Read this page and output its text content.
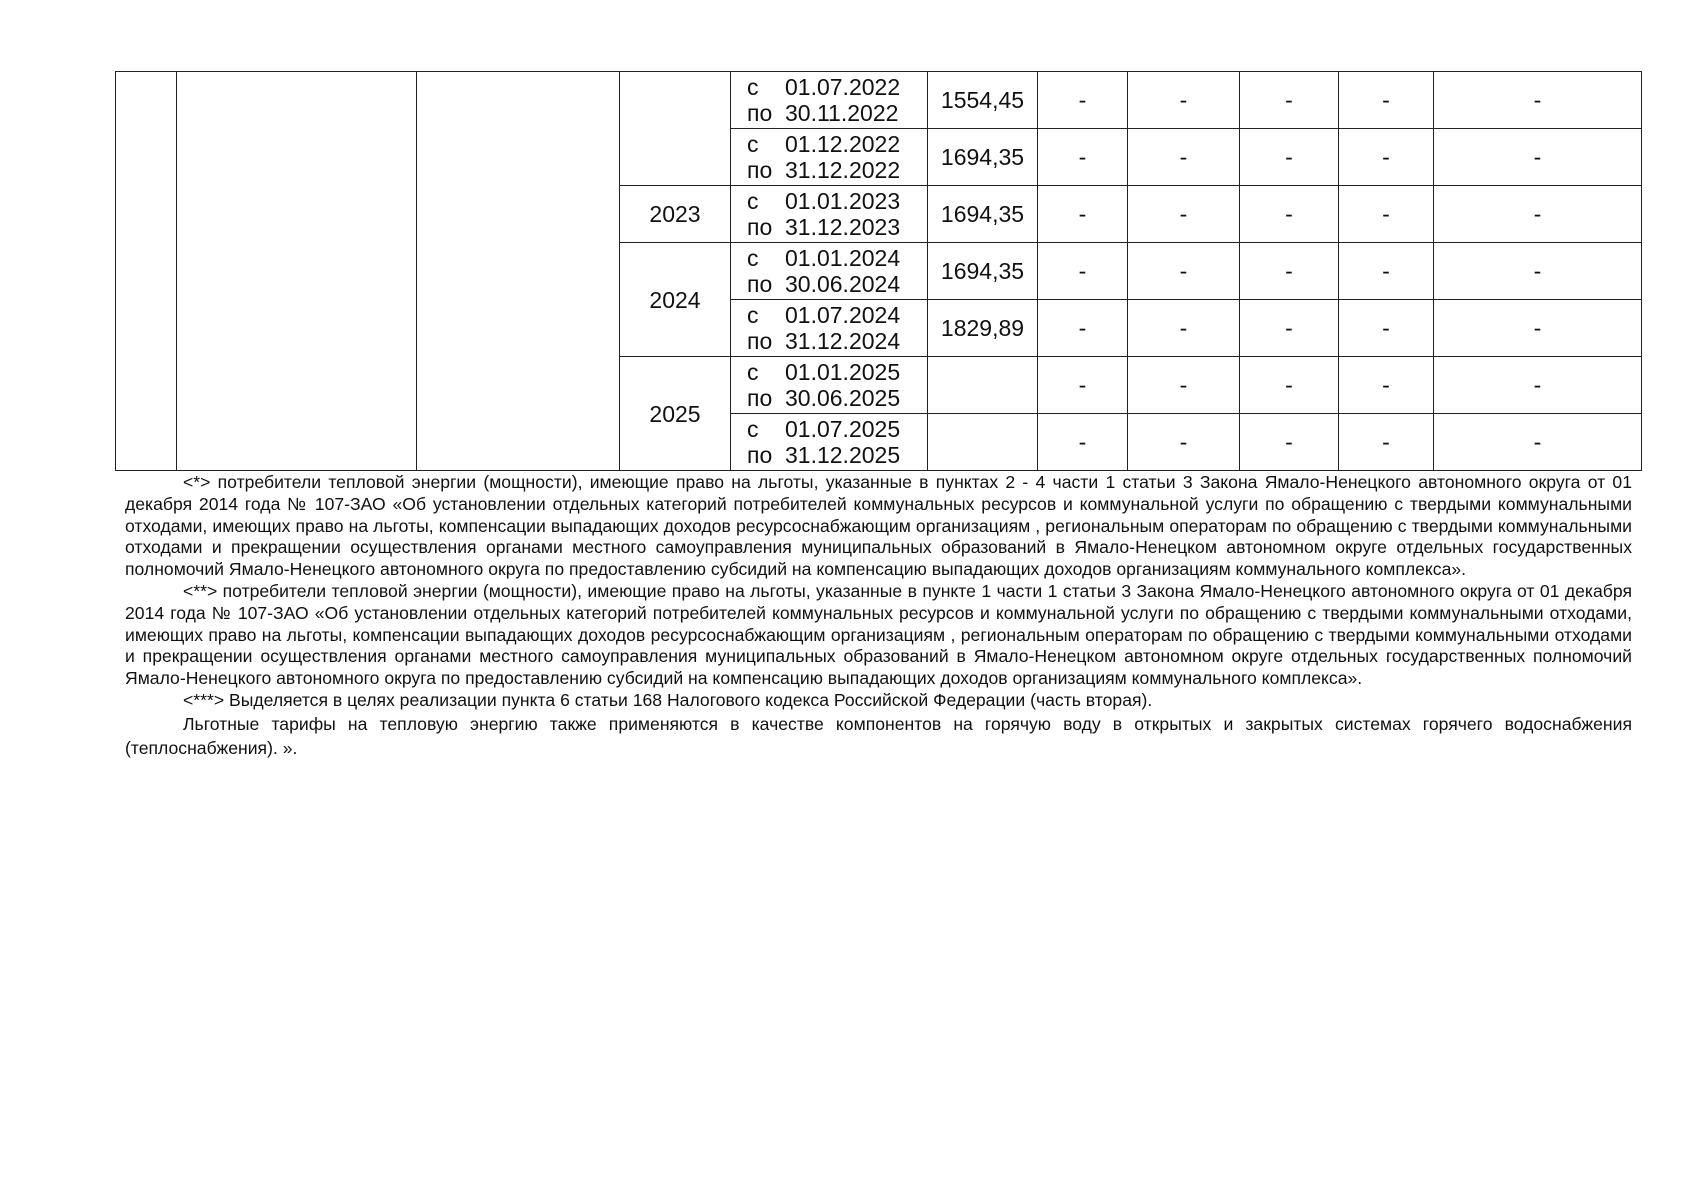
				с 01.07.2022
по 30.11.2022	1554,45	-	-	-	-	-

				с 01.12.2022
по 31.12.2022	1694,35	-	-	-	-	-
			2023	с 01.01.2023
по 31.12.2023	1694,35	-	-	-	-	-
			2024	с 01.01.2024
по 30.06.2024	1694,35	-	-	-	-	-

				с 01.07.2024
по 31.12.2024	1829,89	-	-	-	-	-
			2025	с 01.01.2025
по 30.06.2025		-	-	-	-	-

				с 01.07.2025
по 31.12.2025		-	-	-	-	-

<*> потребители тепловой энергии (мощности), имеющие право на льготы, указанные в пунктах 2 - 4 части 1 статьи 3 Закона Ямало-Ненецкого автономного округа от 01 декабря 2014 года № 107-ЗАО «Об установлении отдельных категорий потребителей коммунальных ресурсов и коммунальной услуги по обращению с твердыми коммунальными отходами, имеющих право на льготы, компенсации выпадающих доходов ресурсоснабжающим организациям , региональным операторам по обращению с твердыми коммунальными отходами и прекращении осуществления органами местного самоуправления муниципальных образований в Ямало-Ненецком автономном округе отдельных государственных полномочий Ямало-Ненецкого автономного округа по предоставлению субсидий на компенсацию выпадающих доходов организациям коммунального комплекса».

<**> потребители тепловой энергии (мощности), имеющие право на льготы, указанные в пункте 1 части 1 статьи 3 Закона Ямало-Ненецкого автономного округа от 01 декабря 2014 года № 107-ЗАО «Об установлении отдельных категорий потребителей коммунальных ресурсов и коммунальной услуги по обращению с твердыми коммунальными отходами, имеющих право на льготы, компенсации выпадающих доходов ресурсоснабжающим организациям , региональным операторам по обращению с твердыми коммунальными отходами и прекращении осуществления органами местного самоуправления муниципальных образований в Ямало-Ненецком автономном округе отдельных государственных полномочий Ямало-Ненецкого автономного округа по предоставлению субсидий на компенсацию выпадающих доходов организациям коммунального комплекса».

<***> Выделяется в целях реализации пункта 6 статьи 168 Налогового кодекса Российской Федерации (часть вторая).

Льготные тарифы на тепловую энергию также применяются в качестве компонентов на горячую воду в открытых и закрытых системах горячего водоснабжения (теплоснабжения). ».
